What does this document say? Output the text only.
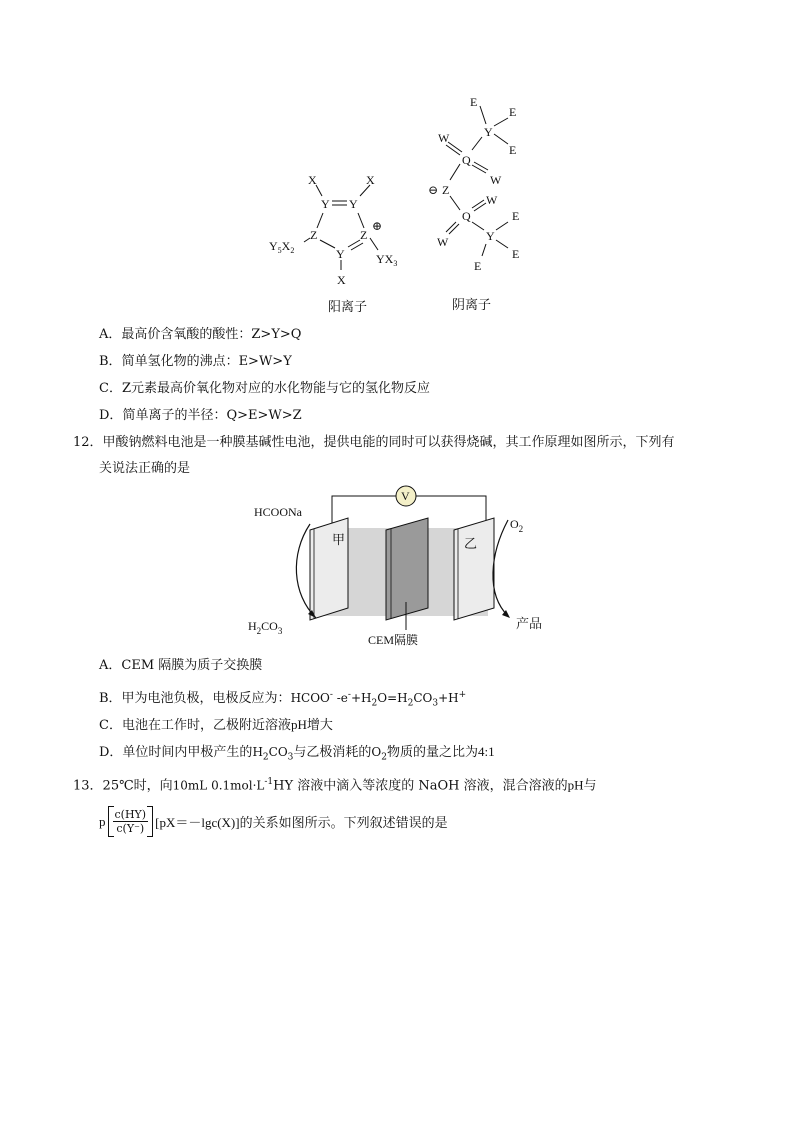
X	X
Y Y
Z	Z
⊕
Y
X
$Y_5X_2$
$YX_3$
E
E
E
Y
W
Q
W
⊖ Z
W
Q	E
Y
W
E
E
阳离子	阴离子
A．最高价含氧酸的酸性：Z>Y>Q
B．简单氢化物的沸点：E>W>Y
C．Z元素最高价氧化物对应的水化物能与它的氢化物反应
D．简单离子的半径：Q>E>W>Z
12．甲酸钠燃料电池是一种膜基碱性电池，提供电能的同时可以获得烧碱，其工作原理如图所示，下列有
关说法正确的是
V
HCOONa
$O_2$
$H_2CO_3$	产品
甲	乙
CEM隔膜
A．CEM 隔膜为质子交换膜
B．甲为电池负极，电极反应为：HCOO- $-e^-+H_2O=H_2CO_3+H^+$
C．电池在工作时，乙极附近溶液pH增大
D．单位时间内甲极产生的$H_2CO_3$与乙极消耗的$O_2$物质的量之比为4:1
13．25℃时，向10mL $0.1mol\cdot L^{-1}HY$ 溶液中滴入等浓度的 NaOH 溶液，混合溶液的pH与
p $\frac{c(HY)}{c(Y^-)} [pX=-\lg c(X)]$ 的关系如图所示。下列叙述错误的是
